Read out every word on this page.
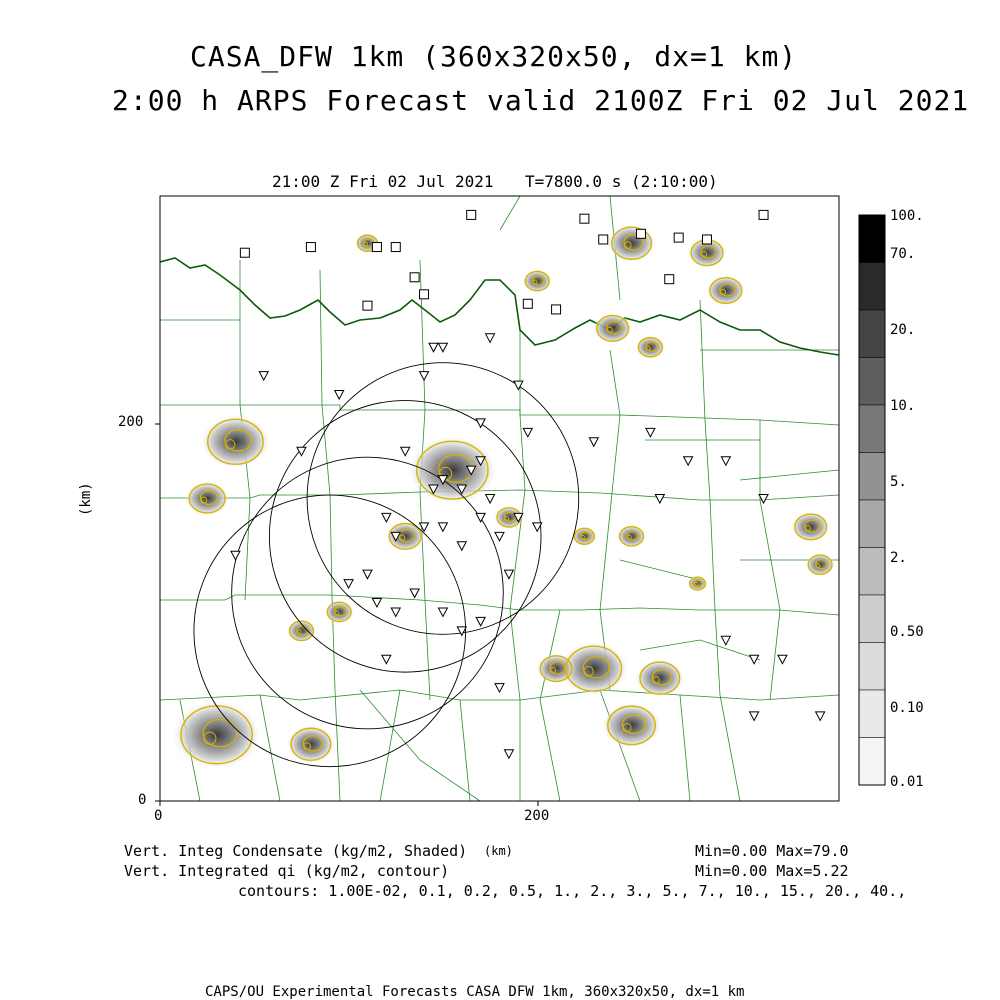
CASA_DFW 1km (360x320x50, dx=1 km)
2:00 h ARPS Forecast valid 2100Z Fri 02 Jul 2021
21:00 Z Fri 02 Jul 2021 T=7800.0 s (2:10:00)
(km)
200
0
0	200
100.
70.
20.
10.
5.
2.
0.50
0.10
0.01
Vert. Integ Condensate (kg/m2, Shaded) (km)	Min=0.00 Max=79.0
Vert. Integrated qi (kg/m2, contour)	Min=0.00 Max=5.22
contours: 1.00E-02, 0.1, 0.2, 0.5, 1., 2., 3., 5., 7., 10., 15., 20., 40.,
CAPS/OU Experimental Forecasts CASA DFW 1km, 360x320x50, dx=1 km
